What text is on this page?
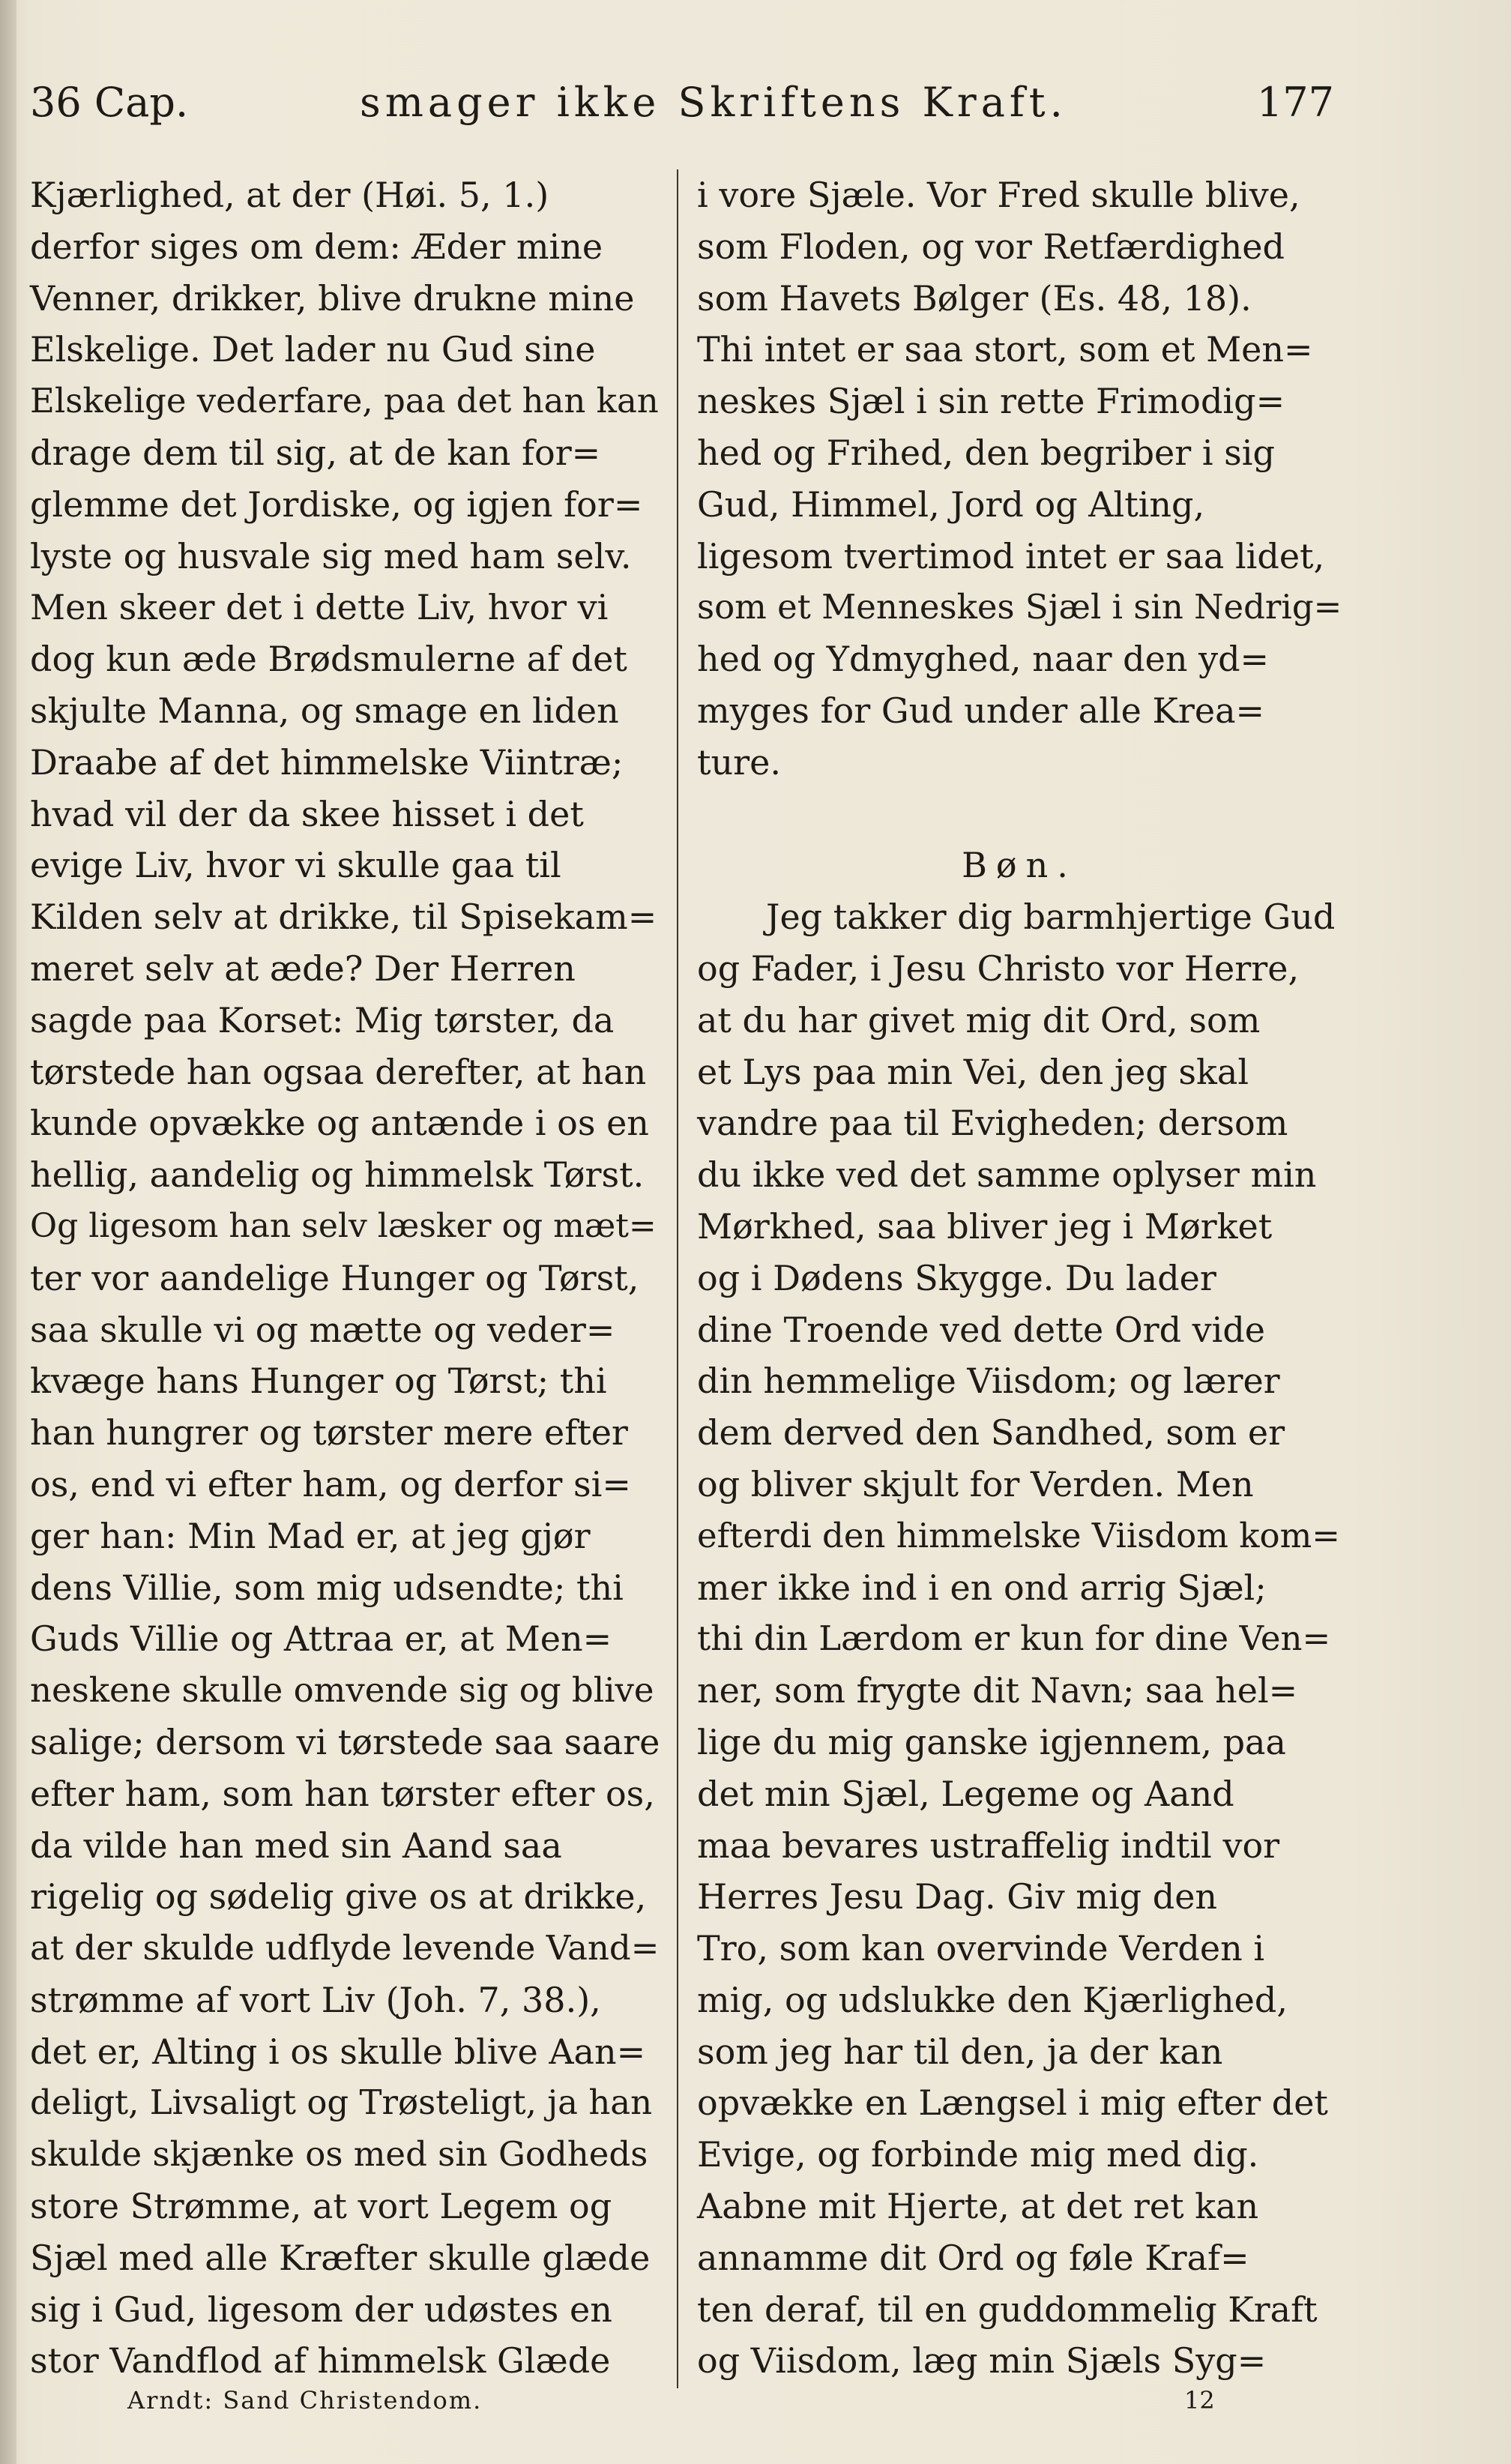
36 Cap.	smager ikke Skriftens Kraft.	177
Kjærlighed, at der (Høi. 5, 1.)
derfor siges om dem: Æder mine
Venner, drikker, blive drukne mine
Elskelige. Det lader nu Gud sine
Elskelige vederfare, paa det han kan
drage dem til sig, at de kan for=
glemme det Jordiske, og igjen for=
lyste og husvale sig med ham selv.
Men skeer det i dette Liv, hvor vi
dog kun æde Brødsmulerne af det
skjulte Manna, og smage en liden
Draabe af det himmelske Viintræ;
hvad vil der da skee hisset i det
evige Liv, hvor vi skulle gaa til
Kilden selv at drikke, til Spisekam=
meret selv at æde? Der Herren
sagde paa Korset: Mig tørster, da
tørstede han ogsaa derefter, at han
kunde opvække og antænde i os en
hellig, aandelig og himmelsk Tørst.
Og ligesom han selv læsker og mæt=
ter vor aandelige Hunger og Tørst,
saa skulle vi og mætte og veder=
kvæge hans Hunger og Tørst; thi
han hungrer og tørster mere efter
os, end vi efter ham, og derfor si=
ger han: Min Mad er, at jeg gjør
dens Villie, som mig udsendte; thi
Guds Villie og Attraa er, at Men=
neskene skulle omvende sig og blive
salige; dersom vi tørstede saa saare
efter ham, som han tørster efter os,
da vilde han med sin Aand saa
rigelig og sødelig give os at drikke,
at der skulde udflyde levende Vand=
strømme af vort Liv (Joh. 7, 38.),
det er, Alting i os skulle blive Aan=
deligt, Livsaligt og Trøsteligt, ja han
skulde skjænke os med sin Godheds
store Strømme, at vort Legem og
Sjæl med alle Kræfter skulle glæde
sig i Gud, ligesom der udøstes en
stor Vandflod af himmelsk Glæde
i vore Sjæle. Vor Fred skulle blive,
som Floden, og vor Retfærdighed
som Havets Bølger (Es. 48, 18).
Thi intet er saa stort, som et Men=
neskes Sjæl i sin rette Frimodig=
hed og Frihed, den begriber i sig
Gud, Himmel, Jord og Alting,
ligesom tvertimod intet er saa lidet,
som et Menneskes Sjæl i sin Nedrig=
hed og Ydmyghed, naar den yd=
myges for Gud under alle Krea=
ture.
Bøn.
Jeg takker dig barmhjertige Gud
og Fader, i Jesu Christo vor Herre,
at du har givet mig dit Ord, som
et Lys paa min Vei, den jeg skal
vandre paa til Evigheden; dersom
du ikke ved det samme oplyser min
Mørkhed, saa bliver jeg i Mørket
og i Dødens Skygge. Du lader
dine Troende ved dette Ord vide
din hemmelige Viisdom; og lærer
dem derved den Sandhed, som er
og bliver skjult for Verden. Men
efterdi den himmelske Viisdom kom=
mer ikke ind i en ond arrig Sjæl;
thi din Lærdom er kun for dine Ven=
ner, som frygte dit Navn; saa hel=
lige du mig ganske igjennem, paa
det min Sjæl, Legeme og Aand
maa bevares ustraffelig indtil vor
Herres Jesu Dag. Giv mig den
Tro, som kan overvinde Verden i
mig, og udslukke den Kjærlighed,
som jeg har til den, ja der kan
opvække en Længsel i mig efter det
Evige, og forbinde mig med dig.
Aabne mit Hjerte, at det ret kan
annamme dit Ord og føle Kraf=
ten deraf, til en guddommelig Kraft
og Viisdom, læg min Sjæls Syg=
Arndt: Sand Christendom.	12
